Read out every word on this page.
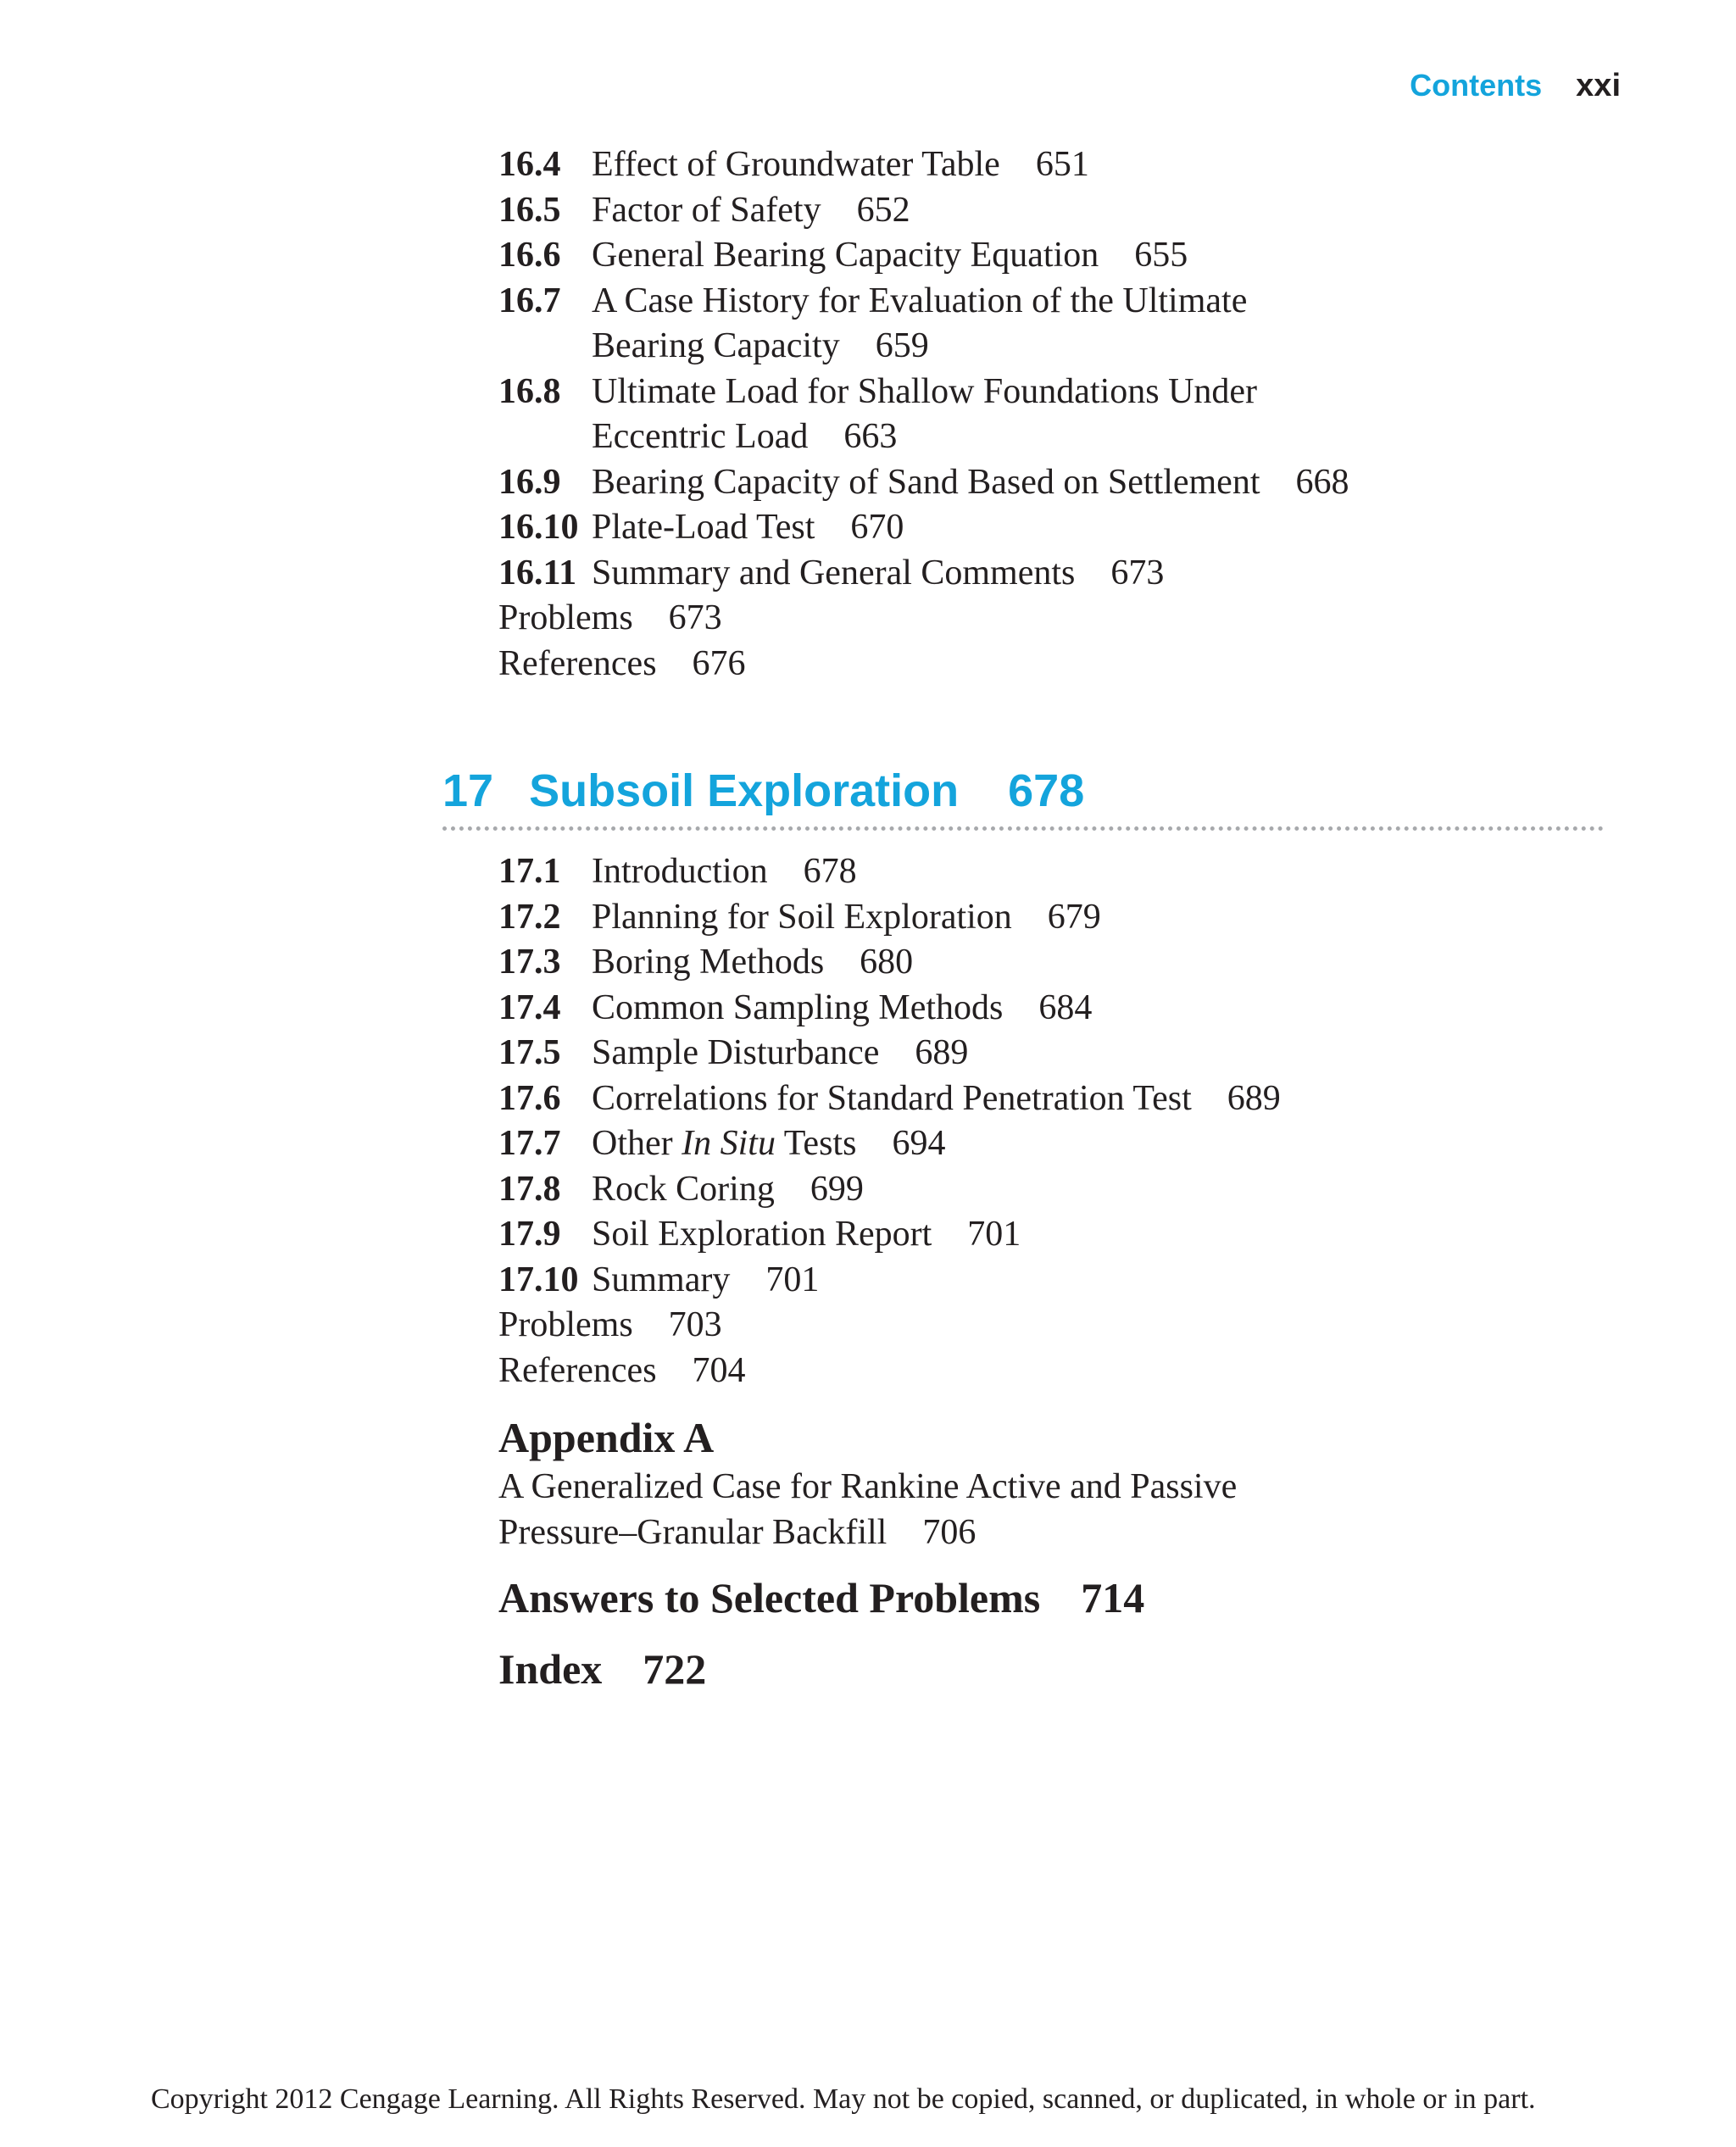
Contents xxi
16.4 Effect of Groundwater Table 651
16.5 Factor of Safety 652
16.6 General Bearing Capacity Equation 655
16.7 A Case History for Evaluation of the Ultimate
Bearing Capacity 659
16.8 Ultimate Load for Shallow Foundations Under
Eccentric Load 663
16.9 Bearing Capacity of Sand Based on Settlement 668
16.10 Plate-Load Test 670
16.11 Summary and General Comments 673
Problems 673
References 676
17 Subsoil Exploration 678
17.1 Introduction 678
17.2 Planning for Soil Exploration 679
17.3 Boring Methods 680
17.4 Common Sampling Methods 684
17.5 Sample Disturbance 689
17.6 Correlations for Standard Penetration Test 689
17.7 Other In Situ Tests 694
17.8 Rock Coring 699
17.9 Soil Exploration Report 701
17.10 Summary 701
Problems 703
References 704
Appendix A
A Generalized Case for Rankine Active and Passive
Pressure–Granular Backfill 706
Answers to Selected Problems 714
Index 722
Copyright 2012 Cengage Learning. All Rights Reserved. May not be copied, scanned, or duplicated, in whole or in part.
